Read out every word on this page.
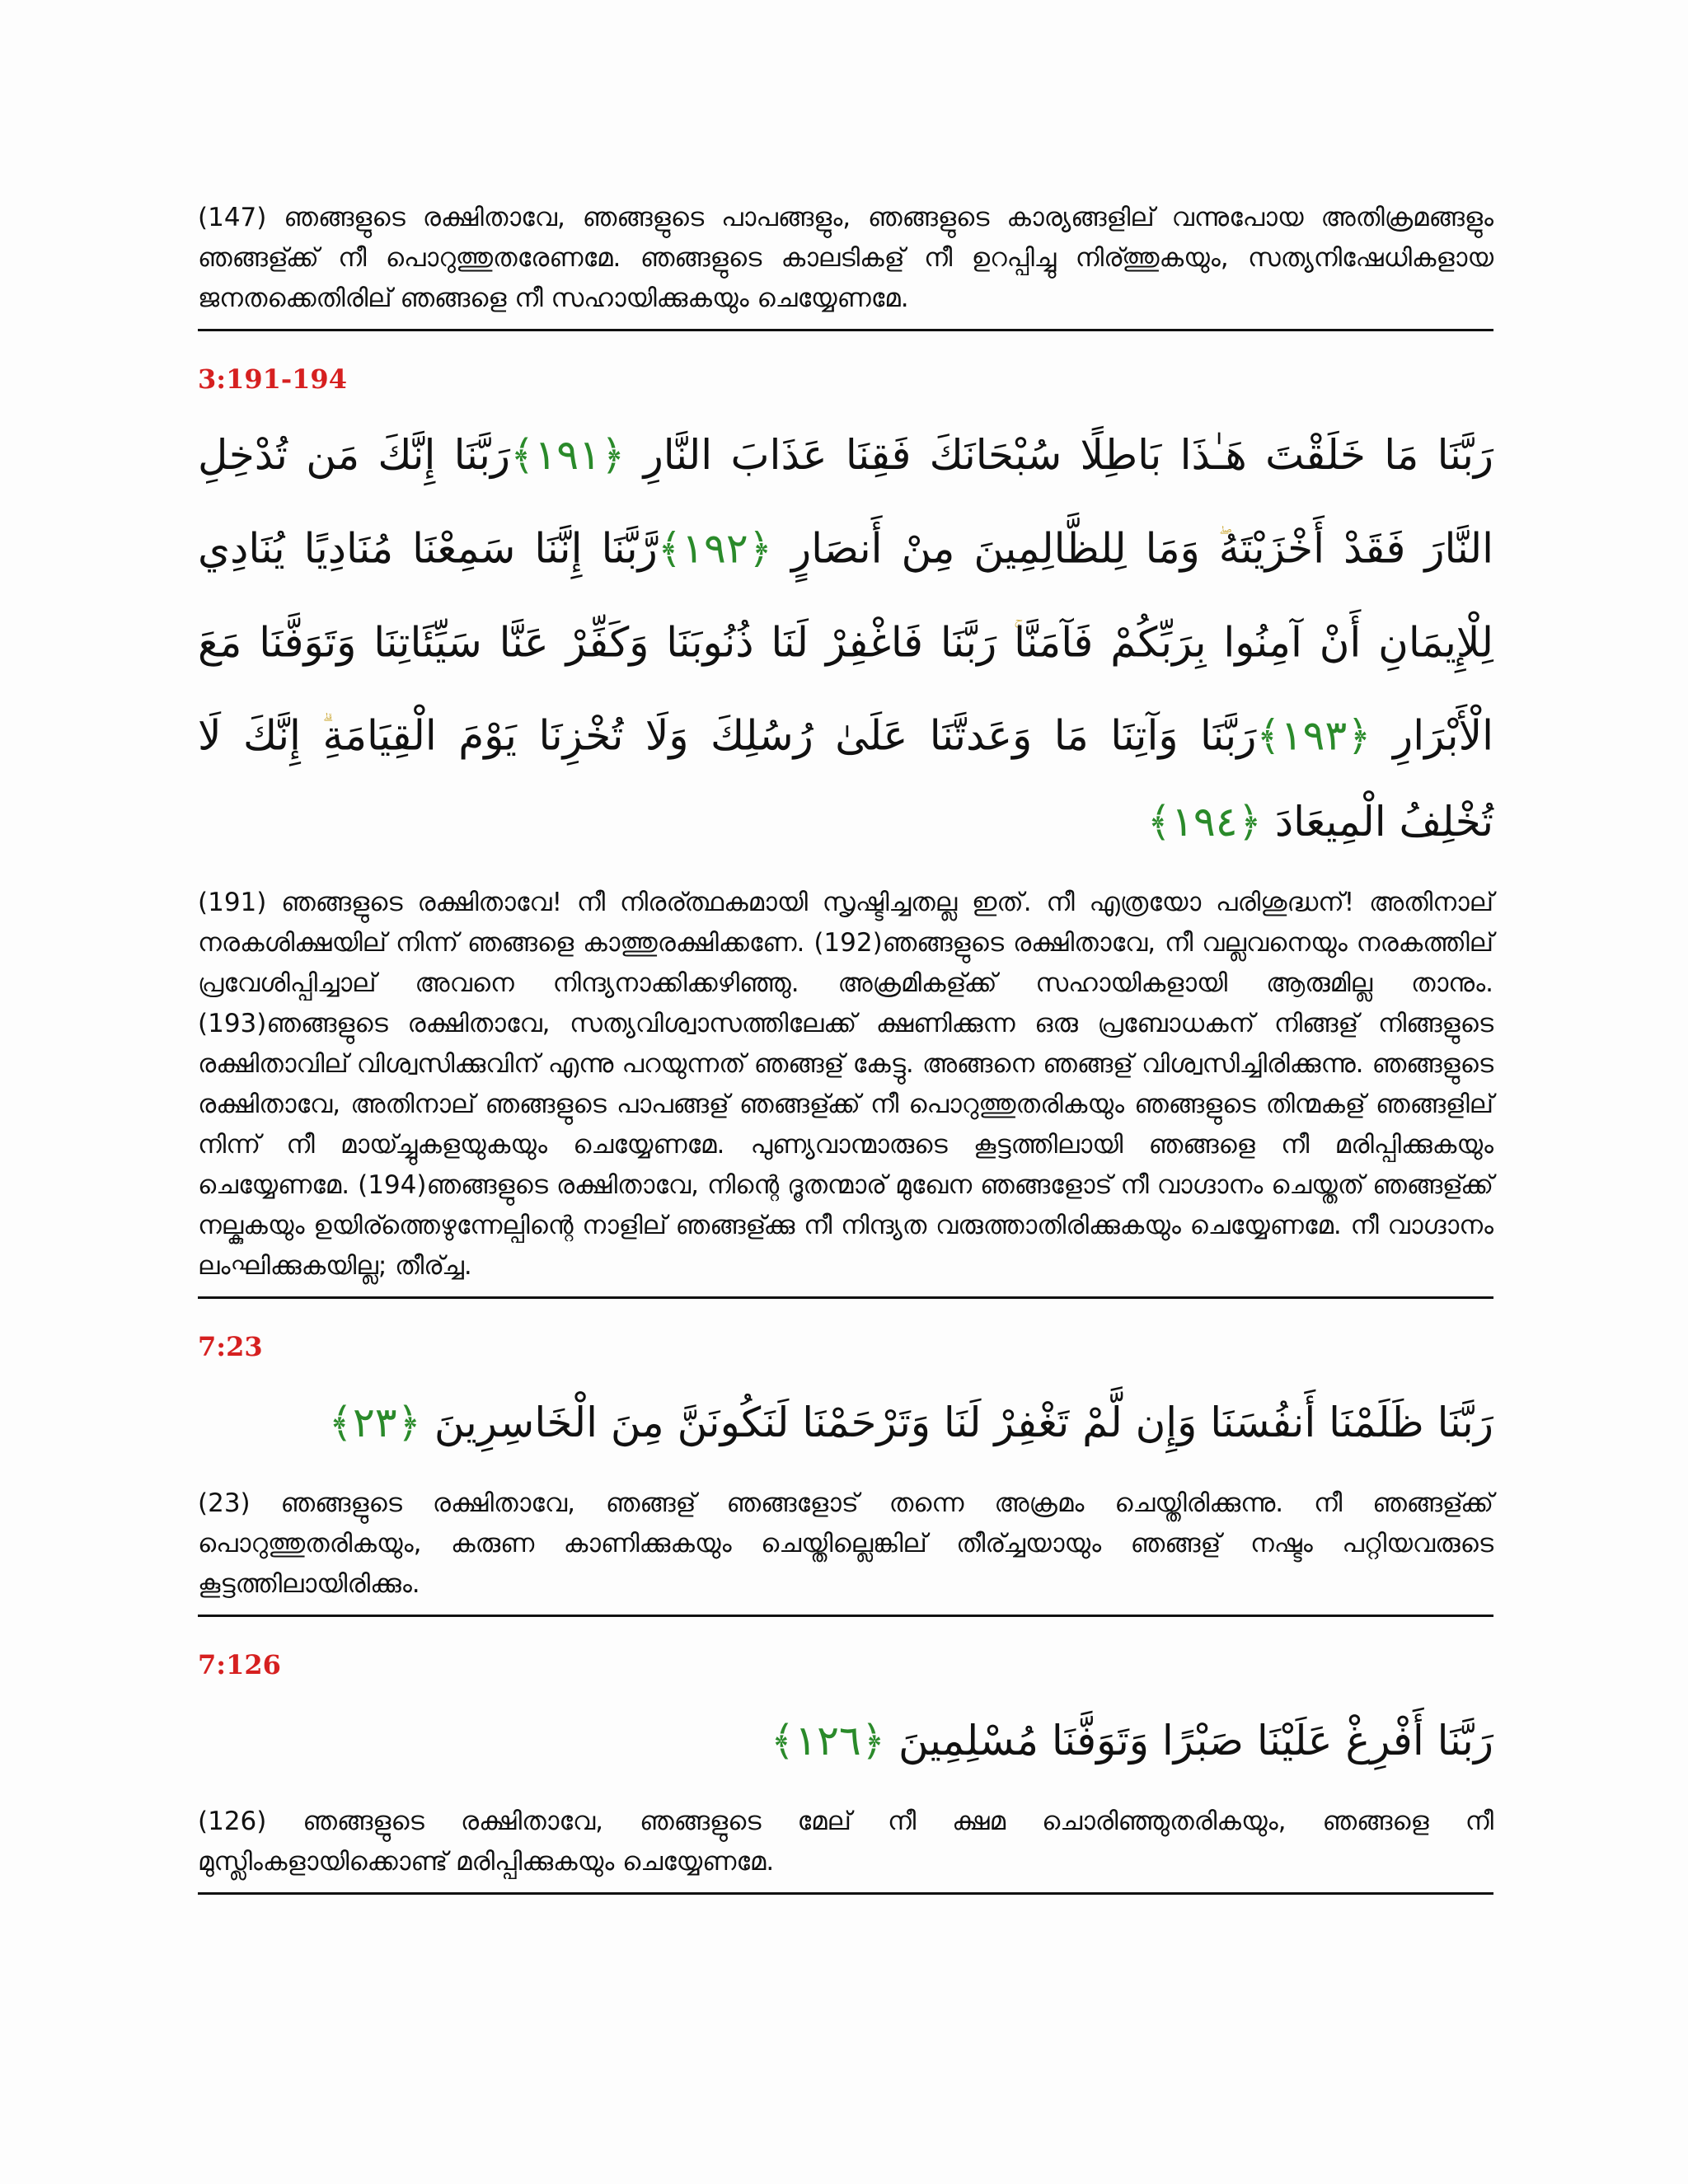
(147) ഞങ്ങളുടെ രക്ഷിതാവേ, ഞങ്ങളുടെ പാപങ്ങളും, ഞങ്ങളുടെ കാര്യങ്ങളില് വന്നുപോയ അതിക്രമങ്ങളും ഞങ്ങള്ക്ക് നീ പൊറുത്തുതരേണമേ. ഞങ്ങളുടെ കാലടികള് നീ ഉറപ്പിച്ചു നിര്ത്തുകയും, സത്യനിഷേധികളായ ജനതക്കെതിരില് ഞങ്ങളെ നീ സഹായിക്കുകയും ചെയ്യേണമേ.

3:191-194

رَبَّنَا مَا خَلَقْتَ هَـٰذَا بَاطِلًا سُبْحَانَكَ فَقِنَا عَذَابَ النَّارِ ﴿١٩١﴾رَبَّنَا إِنَّكَ مَن تُدْخِلِ النَّارَ فَقَدْ أَخْزَيْتَهُ وَمَا لِلظَّالِمِينَ مِنْ أَنصَارٍ ﴿١٩٢﴾رَّبَّنَا إِنَّنَا سَمِعْنَا مُنَادِيًا يُنَادِي لِلْإِيمَانِ أَنْ آمِنُوا بِرَبِّكُمْ فَآمَنَّا رَبَّنَا فَاغْفِرْ لَنَا ذُنُوبَنَا وَكَفِّرْ عَنَّا سَيِّئَاتِنَا وَتَوَفَّنَا مَعَ الْأَبْرَارِ ﴿١٩٣﴾رَبَّنَا وَآتِنَا مَا وَعَدتَّنَا عَلَىٰ رُسُلِكَ وَلَا تُخْزِنَا يَوْمَ الْقِيَامَةِ إِنَّكَ لَا تُخْلِفُ الْمِيعَادَ ﴿١٩٤﴾

(191) ഞങ്ങളുടെ രക്ഷിതാവേ! നീ നിരര്ത്ഥകമായി സൃഷ്ടിച്ചതല്ല ഇത്. നീ എത്രയോ പരിശുദ്ധന്! അതിനാല് നരകശിക്ഷയില് നിന്ന് ഞങ്ങളെ കാത്തുരക്ഷിക്കണേ. (192)ഞങ്ങളുടെ രക്ഷിതാവേ, നീ വല്ലവനെയും നരകത്തില് പ്രവേശിപ്പിച്ചാല് അവനെ നിന്ദ്യനാക്കിക്കഴിഞ്ഞു. അക്രമികള്ക്ക് സഹായികളായി ആരുമില്ല താനും. (193)ഞങ്ങളുടെ രക്ഷിതാവേ, സത്യവിശ്വാസത്തിലേക്ക് ക്ഷണിക്കുന്ന ഒരു പ്രബോധകന് നിങ്ങള് നിങ്ങളുടെ രക്ഷിതാവില് വിശ്വസിക്കുവിന് എന്നു പറയുന്നത് ഞങ്ങള് കേട്ടു. അങ്ങനെ ഞങ്ങള് വിശ്വസിച്ചിരിക്കുന്നു. ഞങ്ങളുടെ രക്ഷിതാവേ, അതിനാല് ഞങ്ങളുടെ പാപങ്ങള് ഞങ്ങള്ക്ക് നീ പൊറുത്തുതരികയും ഞങ്ങളുടെ തിന്മകള് ഞങ്ങളില് നിന്ന് നീ മായ്ച്ചുകളയുകയും ചെയ്യേണമേ. പുണ്യവാന്മാരുടെ കൂട്ടത്തിലായി ഞങ്ങളെ നീ മരിപ്പിക്കുകയും ചെയ്യേണമേ. (194)ഞങ്ങളുടെ രക്ഷിതാവേ, നിന്റെ ദൂതന്മാര് മുഖേന ഞങ്ങളോട് നീ വാഗ്ദാനം ചെയ്തത് ഞങ്ങള്ക്ക് നല്കുകയും ഉയിര്ത്തെഴുന്നേല്പിന്റെ നാളില് ഞങ്ങള്ക്കു നീ നിന്ദ്യത വരുത്താതിരിക്കുകയും ചെയ്യേണമേ. നീ വാഗ്ദാനം ലംഘിക്കുകയില്ല; തീര്ച്ച.

7:23

رَبَّنَا ظَلَمْنَا أَنفُسَنَا وَإِن لَّمْ تَغْفِرْ لَنَا وَتَرْحَمْنَا لَنَكُونَنَّ مِنَ الْخَاسِرِينَ ﴿٢٣﴾

(23) ഞങ്ങളുടെ രക്ഷിതാവേ, ഞങ്ങള് ഞങ്ങളോട് തന്നെ അക്രമം ചെയ്തിരിക്കുന്നു. നീ ഞങ്ങള്ക്ക് പൊറുത്തുതരികയും, കരുണ കാണിക്കുകയും ചെയ്തില്ലെങ്കില് തീര്ച്ചയായും ഞങ്ങള് നഷ്ടം പറ്റിയവരുടെ കൂട്ടത്തിലായിരിക്കും.

7:126

رَبَّنَا أَفْرِغْ عَلَيْنَا صَبْرًا وَتَوَفَّنَا مُسْلِمِينَ ﴿١٢٦﴾

(126) ഞങ്ങളുടെ രക്ഷിതാവേ, ഞങ്ങളുടെ മേല് നീ ക്ഷമ ചൊരിഞ്ഞുതരികയും, ഞങ്ങളെ നീ മുസ്ലിംകളായിക്കൊണ്ട് മരിപ്പിക്കുകയും ചെയ്യേണമേ.
